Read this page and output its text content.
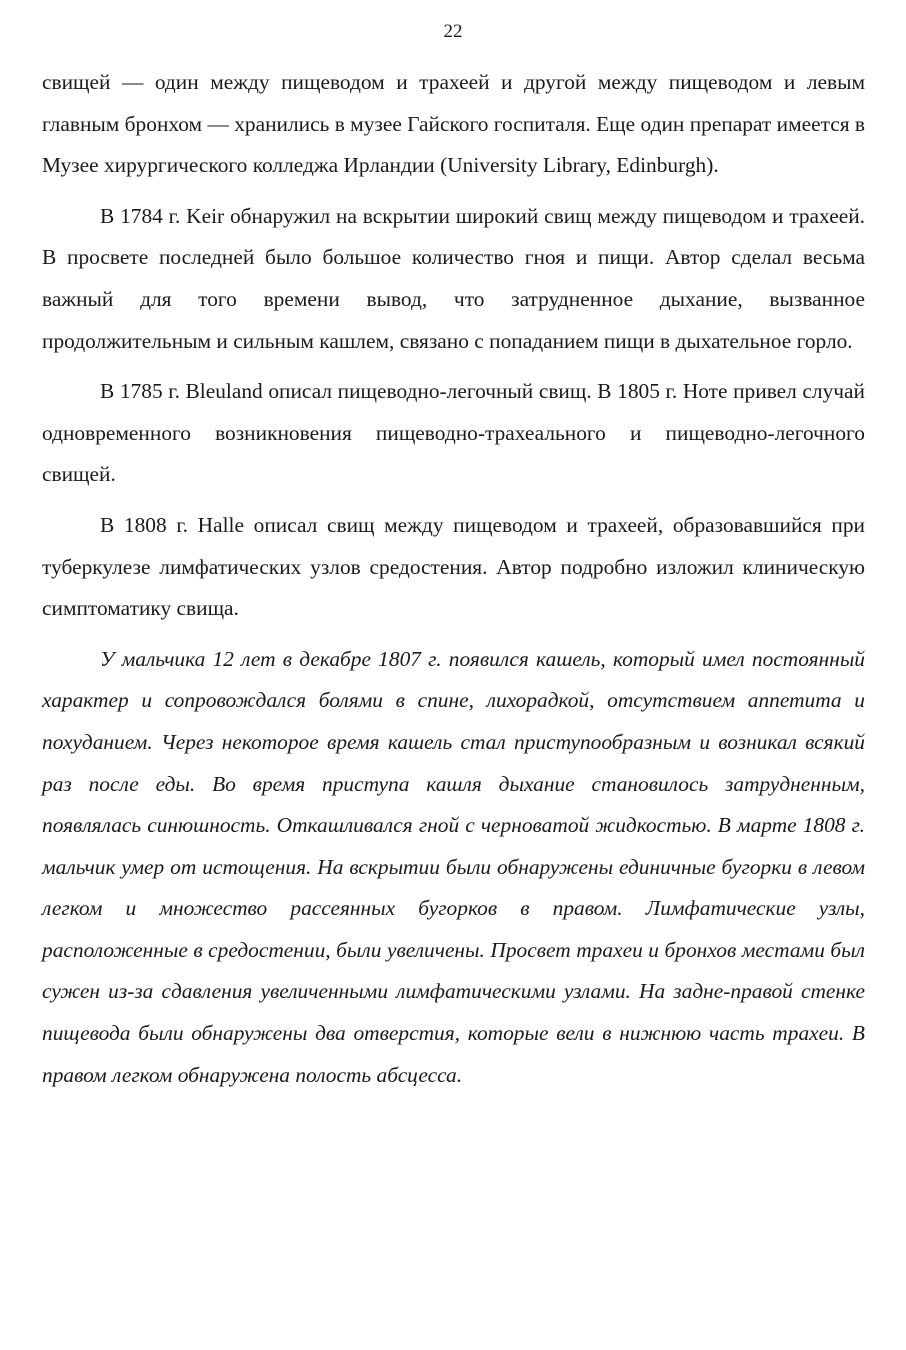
22

свищей — один между пищеводом и трахеей и другой между пищеводом и левым главным бронхом — хранились в музее Гайского госпиталя. Еще один препарат имеется в Музее хирургического колледжа Ирландии (University Library, Edinburgh).

В 1784 г. Keir обнаружил на вскрытии широкий свищ между пищеводом и трахеей. В просвете последней было большое количество гноя и пищи. Автор сделал весьма важный для того времени вывод, что затрудненное дыхание, вызванное продолжительным и сильным кашлем, связано с попаданием пищи в дыхательное горло.

В 1785 г. Bleuland описал пищеводно-легочный свищ. В 1805 г. Ноте привел случай одновременного возникновения пищеводно-трахеального и пищеводно-легочного свищей.

В 1808 г. Halle описал свищ между пищеводом и трахеей, образовавшийся при туберкулезе лимфатических узлов средостения. Автор подробно изложил клиническую симптоматику свища.

У мальчика 12 лет в декабре 1807 г. появился кашель, который имел постоянный характер и сопровождался болями в спине, лихорадкой, отсутствием аппетита и похуданием. Через некоторое время кашель стал приступообразным и возникал всякий раз после еды. Во время приступа кашля дыхание становилось затрудненным, появлялась синюшность. Откашливался гной с черноватой жидкостью. В марте 1808 г. мальчик умер от истощения. На вскрытии были обнаружены единичные бугорки в левом легком и множество рассеянных бугорков в правом. Лимфатические узлы, расположенные в средостении, были увеличены. Просвет трахеи и бронхов местами был сужен из-за сдавления увеличенными лимфатическими узлами. На задне-правой стенке пищевода были обнаружены два отверстия, которые вели в нижнюю часть трахеи. В правом легком обнаружена полость абсцесса.
